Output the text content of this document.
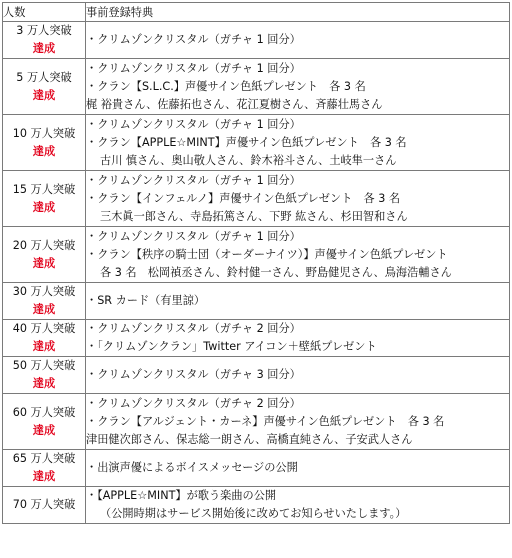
人数	事前登録特典

3 万人突破
達成	・クリムゾンクリスタル（ガチャ 1 回分）

5 万人突破
達成	・クリムゾンクリスタル（ガチャ 1 回分）
・クラン【S.L.C.】声優サイン色紙プレゼント　各 3 名
梶 裕貴さん、佐藤拓也さん、花江夏樹さん、斉藤壮馬さん

10 万人突破
達成	・クリムゾンクリスタル（ガチャ 1 回分）
・クラン【APPLE☆MINT】声優サイン色紙プレゼント　各 3 名
古川 慎さん、奥山敬人さん、鈴木裕斗さん、土岐隼一さん

15 万人突破
達成	・クリムゾンクリスタル（ガチャ 1 回分）
・クラン【インフェルノ】声優サイン色紙プレゼント　各 3 名
三木眞一郎さん、寺島拓篤さん、下野 紘さん、杉田智和さん

20 万人突破
達成	・クリムゾンクリスタル（ガチャ 1 回分）
・クラン【秩序の騎士団（オーダーナイツ）】声優サイン色紙プレゼント
各 3 名　松岡禎丞さん、鈴村健一さん、野島健児さん、鳥海浩輔さん

30 万人突破
達成	・SR カード（有里諒）

40 万人突破
達成	・クリムゾンクリスタル（ガチャ 2 回分）
・「クリムゾンクラン」Twitter アイコン＋壁紙プレゼント

50 万人突破
達成	・クリムゾンクリスタル（ガチャ 3 回分）

60 万人突破
達成	・クリムゾンクリスタル（ガチャ 2 回分）
・クラン【アルジェント・カーネ】声優サイン色紙プレゼント　各 3 名
津田健次郎さん、保志総一朗さん、高橋直純さん、子安武人さん

65 万人突破
達成	・出演声優によるボイスメッセージの公開

70 万人突破	・【APPLE☆MINT】が歌う楽曲の公開
（公開時期はサービス開始後に改めてお知らせいたします。）
